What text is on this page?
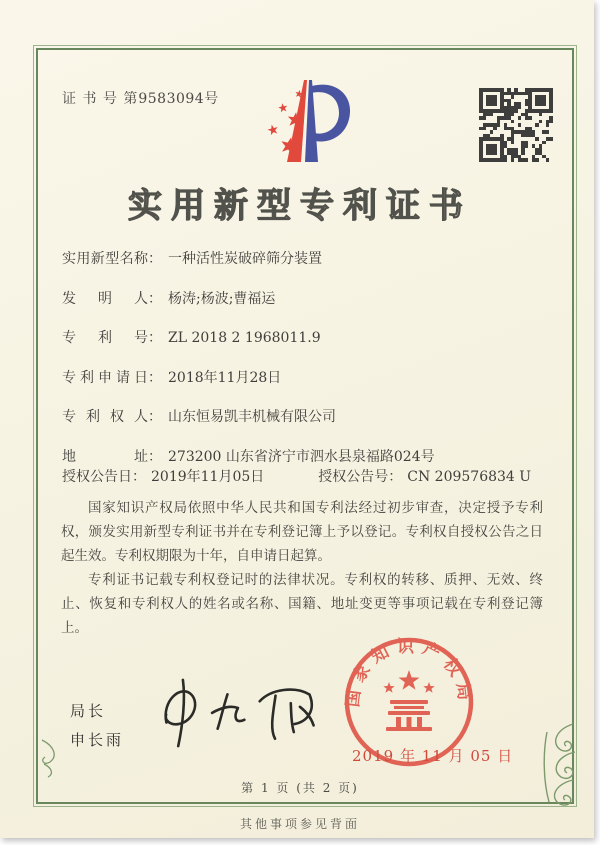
证 书 号 第9583094号
实用新型专利证书
实用新型名称： 一种活性炭破碎筛分装置
发明人： 杨涛;杨波;曹福运
专利号： ZL 2018 2 1968011.9
专利申请日： 2018年11月28日
专利权人： 山东恒易凯丰机械有限公司
地址： 273200 山东省济宁市泗水县泉福路024号
授权公告日： 2019年11月05日	授权公告号： CN 209576834 U

国家知识产权局依照中华人民共和国专利法经过初步审查，决定授予专利权，颁发实用新型专利证书并在专利登记簿上予以登记。专利权自授权公告之日起生效。专利权期限为十年，自申请日起算。

专利证书记载专利权登记时的法律状况。专利权的转移、质押、无效、终止、恢复和专利权人的姓名或名称、国籍、地址变更等事项记载在专利登记簿上。

局长
申长雨
国家知识产权局
2019 年 11 月 05 日
第 1 页 (共 2 页)
其他事项参见背面
